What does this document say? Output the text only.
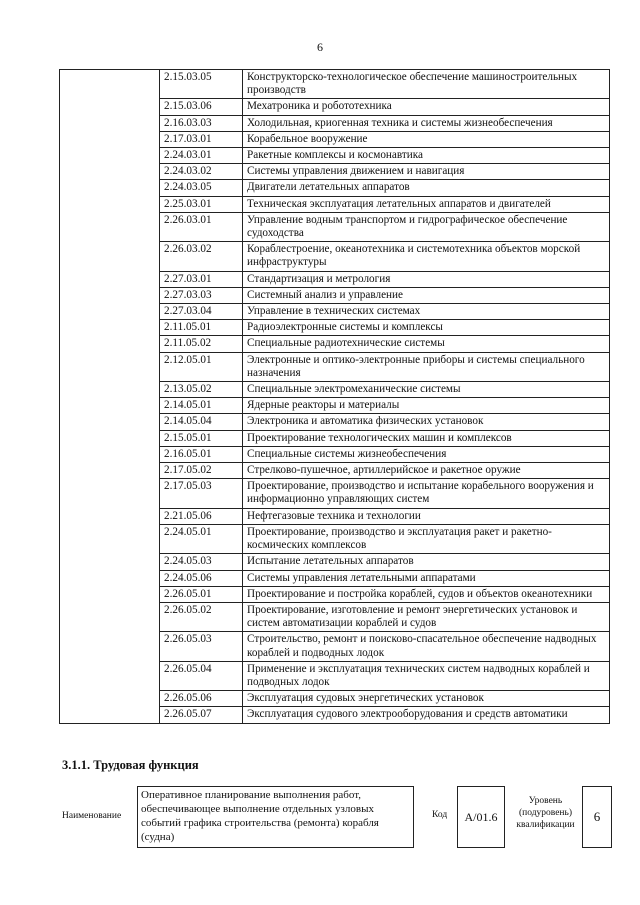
6
	2.15.03.05	Конструкторско-технологическое обеспечение машиностроительных производств
	2.15.03.06	Мехатроника и робототехника
	2.16.03.03	Холодильная, криогенная техника и системы жизнеобеспечения
	2.17.03.01	Корабельное вооружение
	2.24.03.01	Ракетные комплексы и космонавтика
	2.24.03.02	Системы управления движением и навигация
	2.24.03.05	Двигатели летательных аппаратов
	2.25.03.01	Техническая эксплуатация летательных аппаратов и двигателей
	2.26.03.01	Управление водным транспортом и гидрографическое обеспечение судоходства
	2.26.03.02	Кораблестроение, океанотехника и системотехника объектов морской инфраструктуры
	2.27.03.01	Стандартизация и метрология
	2.27.03.03	Системный анализ и управление
	2.27.03.04	Управление в технических системах
	2.11.05.01	Радиоэлектронные системы и комплексы
	2.11.05.02	Специальные радиотехнические системы
	2.12.05.01	Электронные и оптико-электронные приборы и системы специального назначения
	2.13.05.02	Специальные электромеханические системы
	2.14.05.01	Ядерные реакторы и материалы
	2.14.05.04	Электроника и автоматика физических установок
	2.15.05.01	Проектирование технологических машин и комплексов
	2.16.05.01	Специальные системы жизнеобеспечения
	2.17.05.02	Стрелково-пушечное, артиллерийское и ракетное оружие
	2.17.05.03	Проектирование, производство и испытание корабельного вооружения и информационно управляющих систем
	2.21.05.06	Нефтегазовые техника и технологии
	2.24.05.01	Проектирование, производство и эксплуатация ракет и ракетно-космических комплексов
	2.24.05.03	Испытание летательных аппаратов
	2.24.05.06	Системы управления летательными аппаратами
	2.26.05.01	Проектирование и постройка кораблей, судов и объектов океанотехники
	2.26.05.02	Проектирование, изготовление и ремонт энергетических установок и систем автоматизации кораблей и судов
	2.26.05.03	Строительство, ремонт и поисково-спасательное обеспечение надводных кораблей и подводных лодок
	2.26.05.04	Применение и эксплуатация технических систем надводных кораблей и подводных лодок
	2.26.05.06	Эксплуатация судовых энергетических установок
	2.26.05.07	Эксплуатация судового электрооборудования и средств автоматики
3.1.1. Трудовая функция
Наименование
Оперативное планирование выполнения работ, обеспечивающее выполнение отдельных узловых событий графика строительства (ремонта) корабля (судна)
Код	A/01.6
Уровень (подуровень) квалификации
6
